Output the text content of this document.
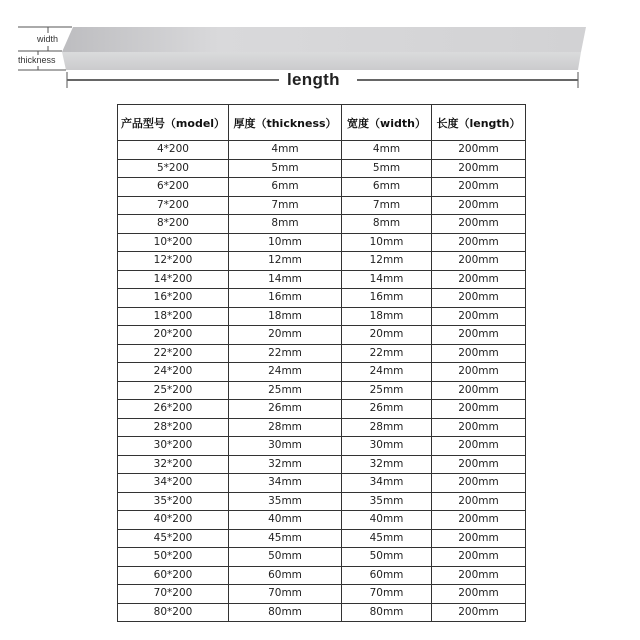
width
thickness
length
产品型号（model）	厚度（thickness）	宽度（width）	长度（length）
4*200	4mm	4mm	200mm
5*200	5mm	5mm	200mm
6*200	6mm	6mm	200mm
7*200	7mm	7mm	200mm
8*200	8mm	8mm	200mm
10*200	10mm	10mm	200mm
12*200	12mm	12mm	200mm
14*200	14mm	14mm	200mm
16*200	16mm	16mm	200mm
18*200	18mm	18mm	200mm
20*200	20mm	20mm	200mm
22*200	22mm	22mm	200mm
24*200	24mm	24mm	200mm
25*200	25mm	25mm	200mm
26*200	26mm	26mm	200mm
28*200	28mm	28mm	200mm
30*200	30mm	30mm	200mm
32*200	32mm	32mm	200mm
34*200	34mm	34mm	200mm
35*200	35mm	35mm	200mm
40*200	40mm	40mm	200mm
45*200	45mm	45mm	200mm
50*200	50mm	50mm	200mm
60*200	60mm	60mm	200mm
70*200	70mm	70mm	200mm
80*200	80mm	80mm	200mm
